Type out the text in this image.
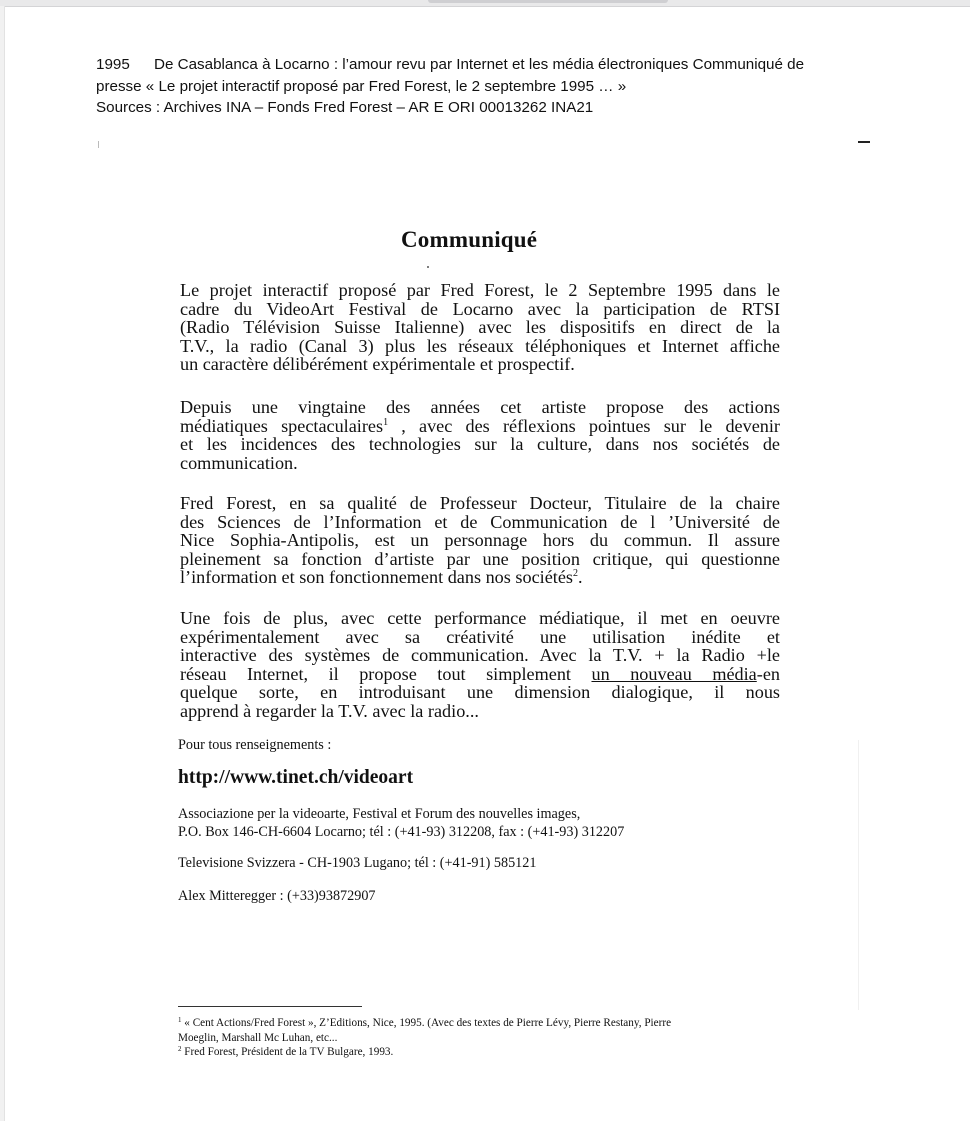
1995 De Casablanca à Locarno : l’amour revu par Internet et les média électroniques Communiqué de
presse « Le projet interactif proposé par Fred Forest, le 2 septembre 1995 … »
Sources : Archives INA – Fonds Fred Forest – AR E ORI 00013262 INA21
Communiqué
Le projet interactif proposé par Fred Forest, le 2 Septembre 1995 dans le
cadre du VideoArt Festival de Locarno avec la participation de RTSI
(Radio Télévision Suisse Italienne) avec les dispositifs en direct de la
T.V., la radio (Canal 3) plus les réseaux téléphoniques et Internet affiche
un caractère délibérément expérimentale et prospectif.
Depuis une vingtaine des années cet artiste propose des actions
médiatiques spectaculaires$^1$ , avec des réflexions pointues sur le devenir
et les incidences des technologies sur la culture, dans nos sociétés de
communication.
Fred Forest, en sa qualité de Professeur Docteur, Titulaire de la chaire
des Sciences de l’Information et de Communication de l ’Université de
Nice Sophia-Antipolis, est un personnage hors du commun. Il assure
pleinement sa fonction d’artiste par une position critique, qui questionne
l’information et son fonctionnement dans nos sociétés$^2$.
Une fois de plus, avec cette performance médiatique, il met en oeuvre
expérimentalement avec sa créativité une utilisation inédite et
interactive des systèmes de communication. Avec la T.V. + la Radio +le
réseau Internet, il propose tout simplement un nouveau média-en
quelque sorte, en introduisant une dimension dialogique, il nous
apprend à regarder la T.V. avec la radio...
Pour tous renseignements :
http://www.tinet.ch/videoart
Associazione per la videoarte, Festival et Forum des nouvelles images,
P.O. Box 146-CH-6604 Locarno; tél : (+41-93) 312208, fax : (+41-93) 312207
Televisione Svizzera - CH-1903 Lugano; tél : (+41-91) 585121
Alex Mitteregger : (+33)93872907
$^1$ « Cent Actions/Fred Forest », Z’Editions, Nice, 1995. (Avec des textes de Pierre Lévy, Pierre Restany, Pierre
Moeglin, Marshall Mc Luhan, etc...
$^2$ Fred Forest, Président de la TV Bulgare, 1993.
